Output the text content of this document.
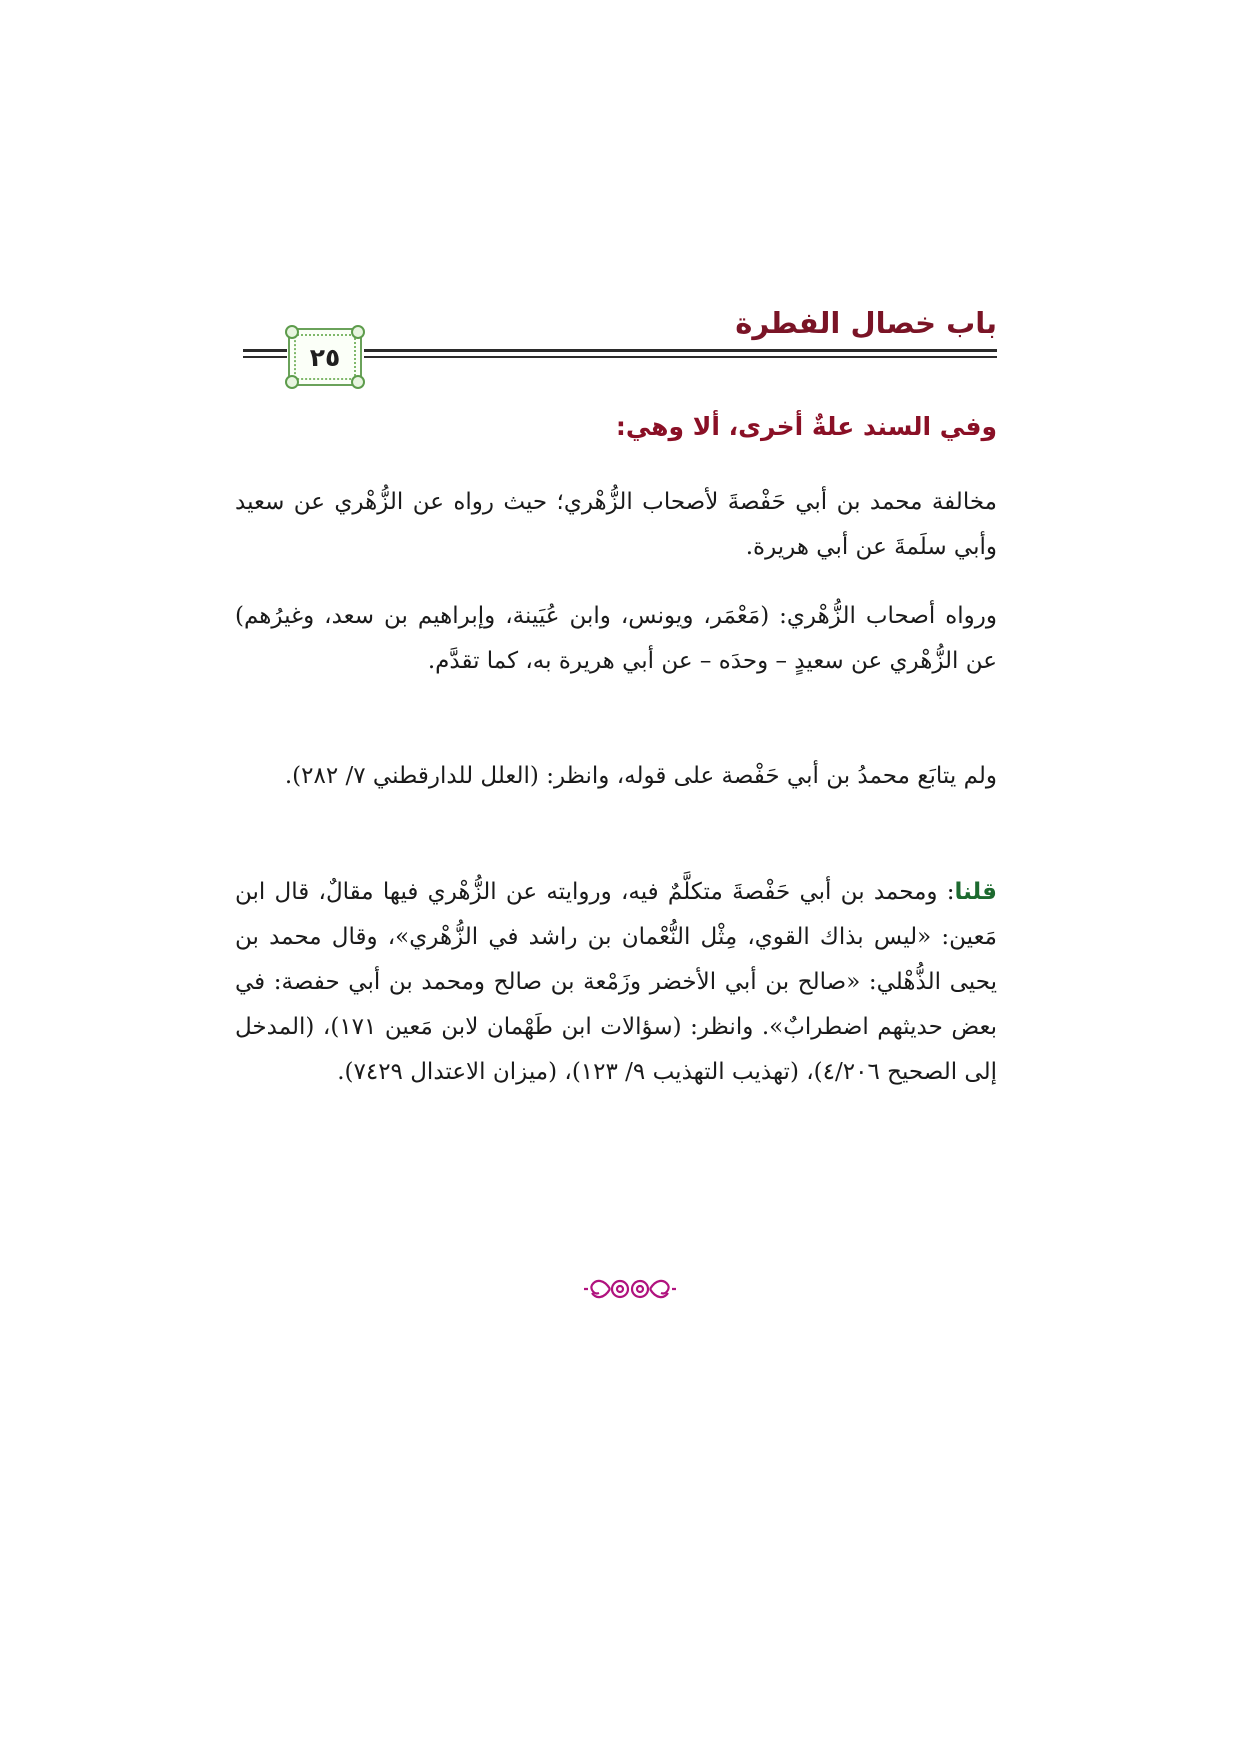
باب خصال الفطرة
٢٥
وفي السند علةٌ أخرى، ألا وهي:

مخالفة محمد بن أبي حَفْصةَ لأصحاب الزُّهْري؛ حيث رواه عن الزُّهْري عن سعيد وأبي سلَمةَ عن أبي هريرة.

ورواه أصحاب الزُّهْري: (مَعْمَر، ويونس، وابن عُيَينة، وإبراهيم بن سعد، وغيرُهم) عن الزُّهْري عن سعيدٍ – وحدَه – عن أبي هريرة به، كما تقدَّم.

ولم يتابَع محمدُ بن أبي حَفْصة على قوله، وانظر: (العلل للدارقطني ٧/ ٢٨٢).

قلنا: ومحمد بن أبي حَفْصةَ متكلَّمٌ فيه، وروايته عن الزُّهْري فيها مقالٌ، قال ابن مَعين: «ليس بذاك القوي، مِثْل النُّعْمان بن راشد في الزُّهْري»، وقال محمد بن يحيى الذُّهْلي: «صالح بن أبي الأخضر وزَمْعة بن صالح ومحمد بن أبي حفصة: في بعض حديثهم اضطرابٌ». وانظر: (سؤالات ابن طَهْمان لابن مَعين ١٧١)، (المدخل إلى الصحيح ٤/٢٠٦)، (تهذيب التهذيب ٩/ ١٢٣)، (ميزان الاعتدال ٧٤٢٩).
